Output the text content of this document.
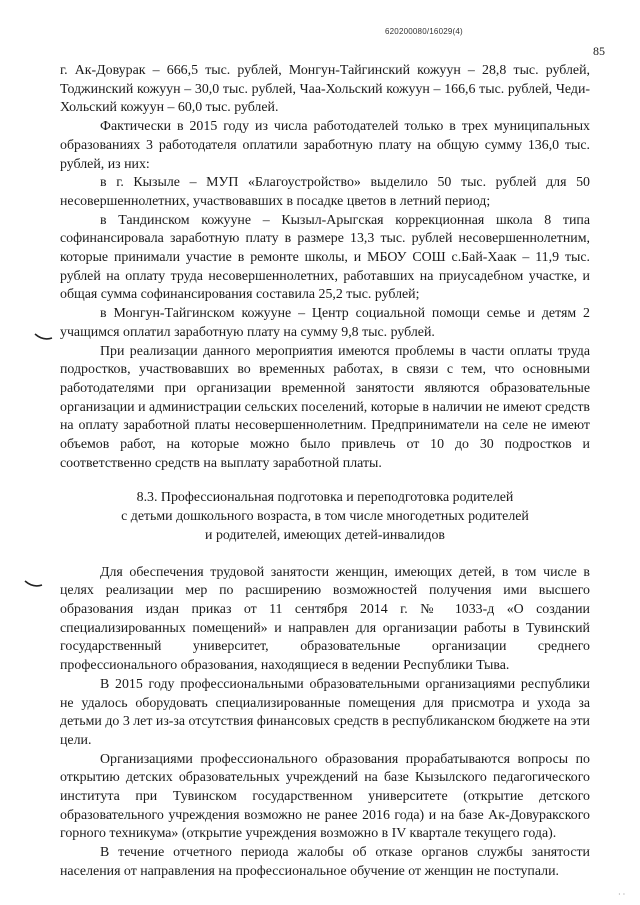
620200080/16029(4)
85

г. Ак-Довурак – 666,5 тыс. рублей, Монгун-Тайгинский кожуун – 28,8 тыс. рублей, Тоджинский кожуун – 30,0 тыс. рублей, Чаа-Хольский кожуун – 166,6 тыс. рублей, Чеди-Хольский кожуун – 60,0 тыс. рублей.

Фактически в 2015 году из числа работодателей только в трех муниципальных образованиях 3 работодателя оплатили заработную плату на общую сумму 136,0 тыс. рублей, из них:

в г. Кызыле – МУП «Благоустройство» выделило 50 тыс. рублей для 50 несовершеннолетних, участвовавших в посадке цветов в летний период;

в Тандинском кожууне – Кызыл-Арыгская коррекционная школа 8 типа софинансировала заработную плату в размере 13,3 тыс. рублей несовершеннолетним, которые принимали участие в ремонте школы, и МБОУ СОШ с.Бай-Хаак – 11,9 тыс. рублей на оплату труда несовершеннолетних, работавших на приусадебном участке, и общая сумма софинансирования составила 25,2 тыс. рублей;

в Монгун-Тайгинском кожууне – Центр социальной помощи семье и детям 2 учащимся оплатил заработную плату на сумму 9,8 тыс. рублей.

При реализации данного мероприятия имеются проблемы в части оплаты труда подростков, участвовавших во временных работах, в связи с тем, что основными работодателями при организации временной занятости являются образовательные организации и администрации сельских поселений, которые в наличии не имеют средств на оплату заработной платы несовершеннолетним. Предприниматели на селе не имеют объемов работ, на которые можно было привлечь от 10 до 30 подростков и соответственно средств на выплату заработной платы.

8.3. Профессиональная подготовка и переподготовка родителей

с детьми дошкольного возраста, в том числе многодетных родителей

и родителей, имеющих детей-инвалидов

Для обеспечения трудовой занятости женщин, имеющих детей, в том числе в целях реализации мер по расширению возможностей получения ими высшего образования издан приказ от 11 сентября 2014 г. № 1033-д «О создании специализированных помещений» и направлен для организации работы в Тувинский государственный университет, образовательные организации среднего профессионального образования, находящиеся в ведении Республики Тыва.

В 2015 году профессиональными образовательными организациями республики не удалось оборудовать специализированные помещения для присмотра и ухода за детьми до 3 лет из-за отсутствия финансовых средств в республиканском бюджете на эти цели.

Организациями профессионального образования прорабатываются вопросы по открытию детских образовательных учреждений на базе Кызылского педагогического института при Тувинском государственном университете (открытие детского образовательного учреждения возможно не ранее 2016 года) и на базе Ак-Довуракского горного техникума» (открытие учреждения возможно в IV квартале текущего года).

В течение отчетного периода жалобы об отказе органов службы занятости населения от направления на профессиональное обучение от женщин не поступали.

· ·
